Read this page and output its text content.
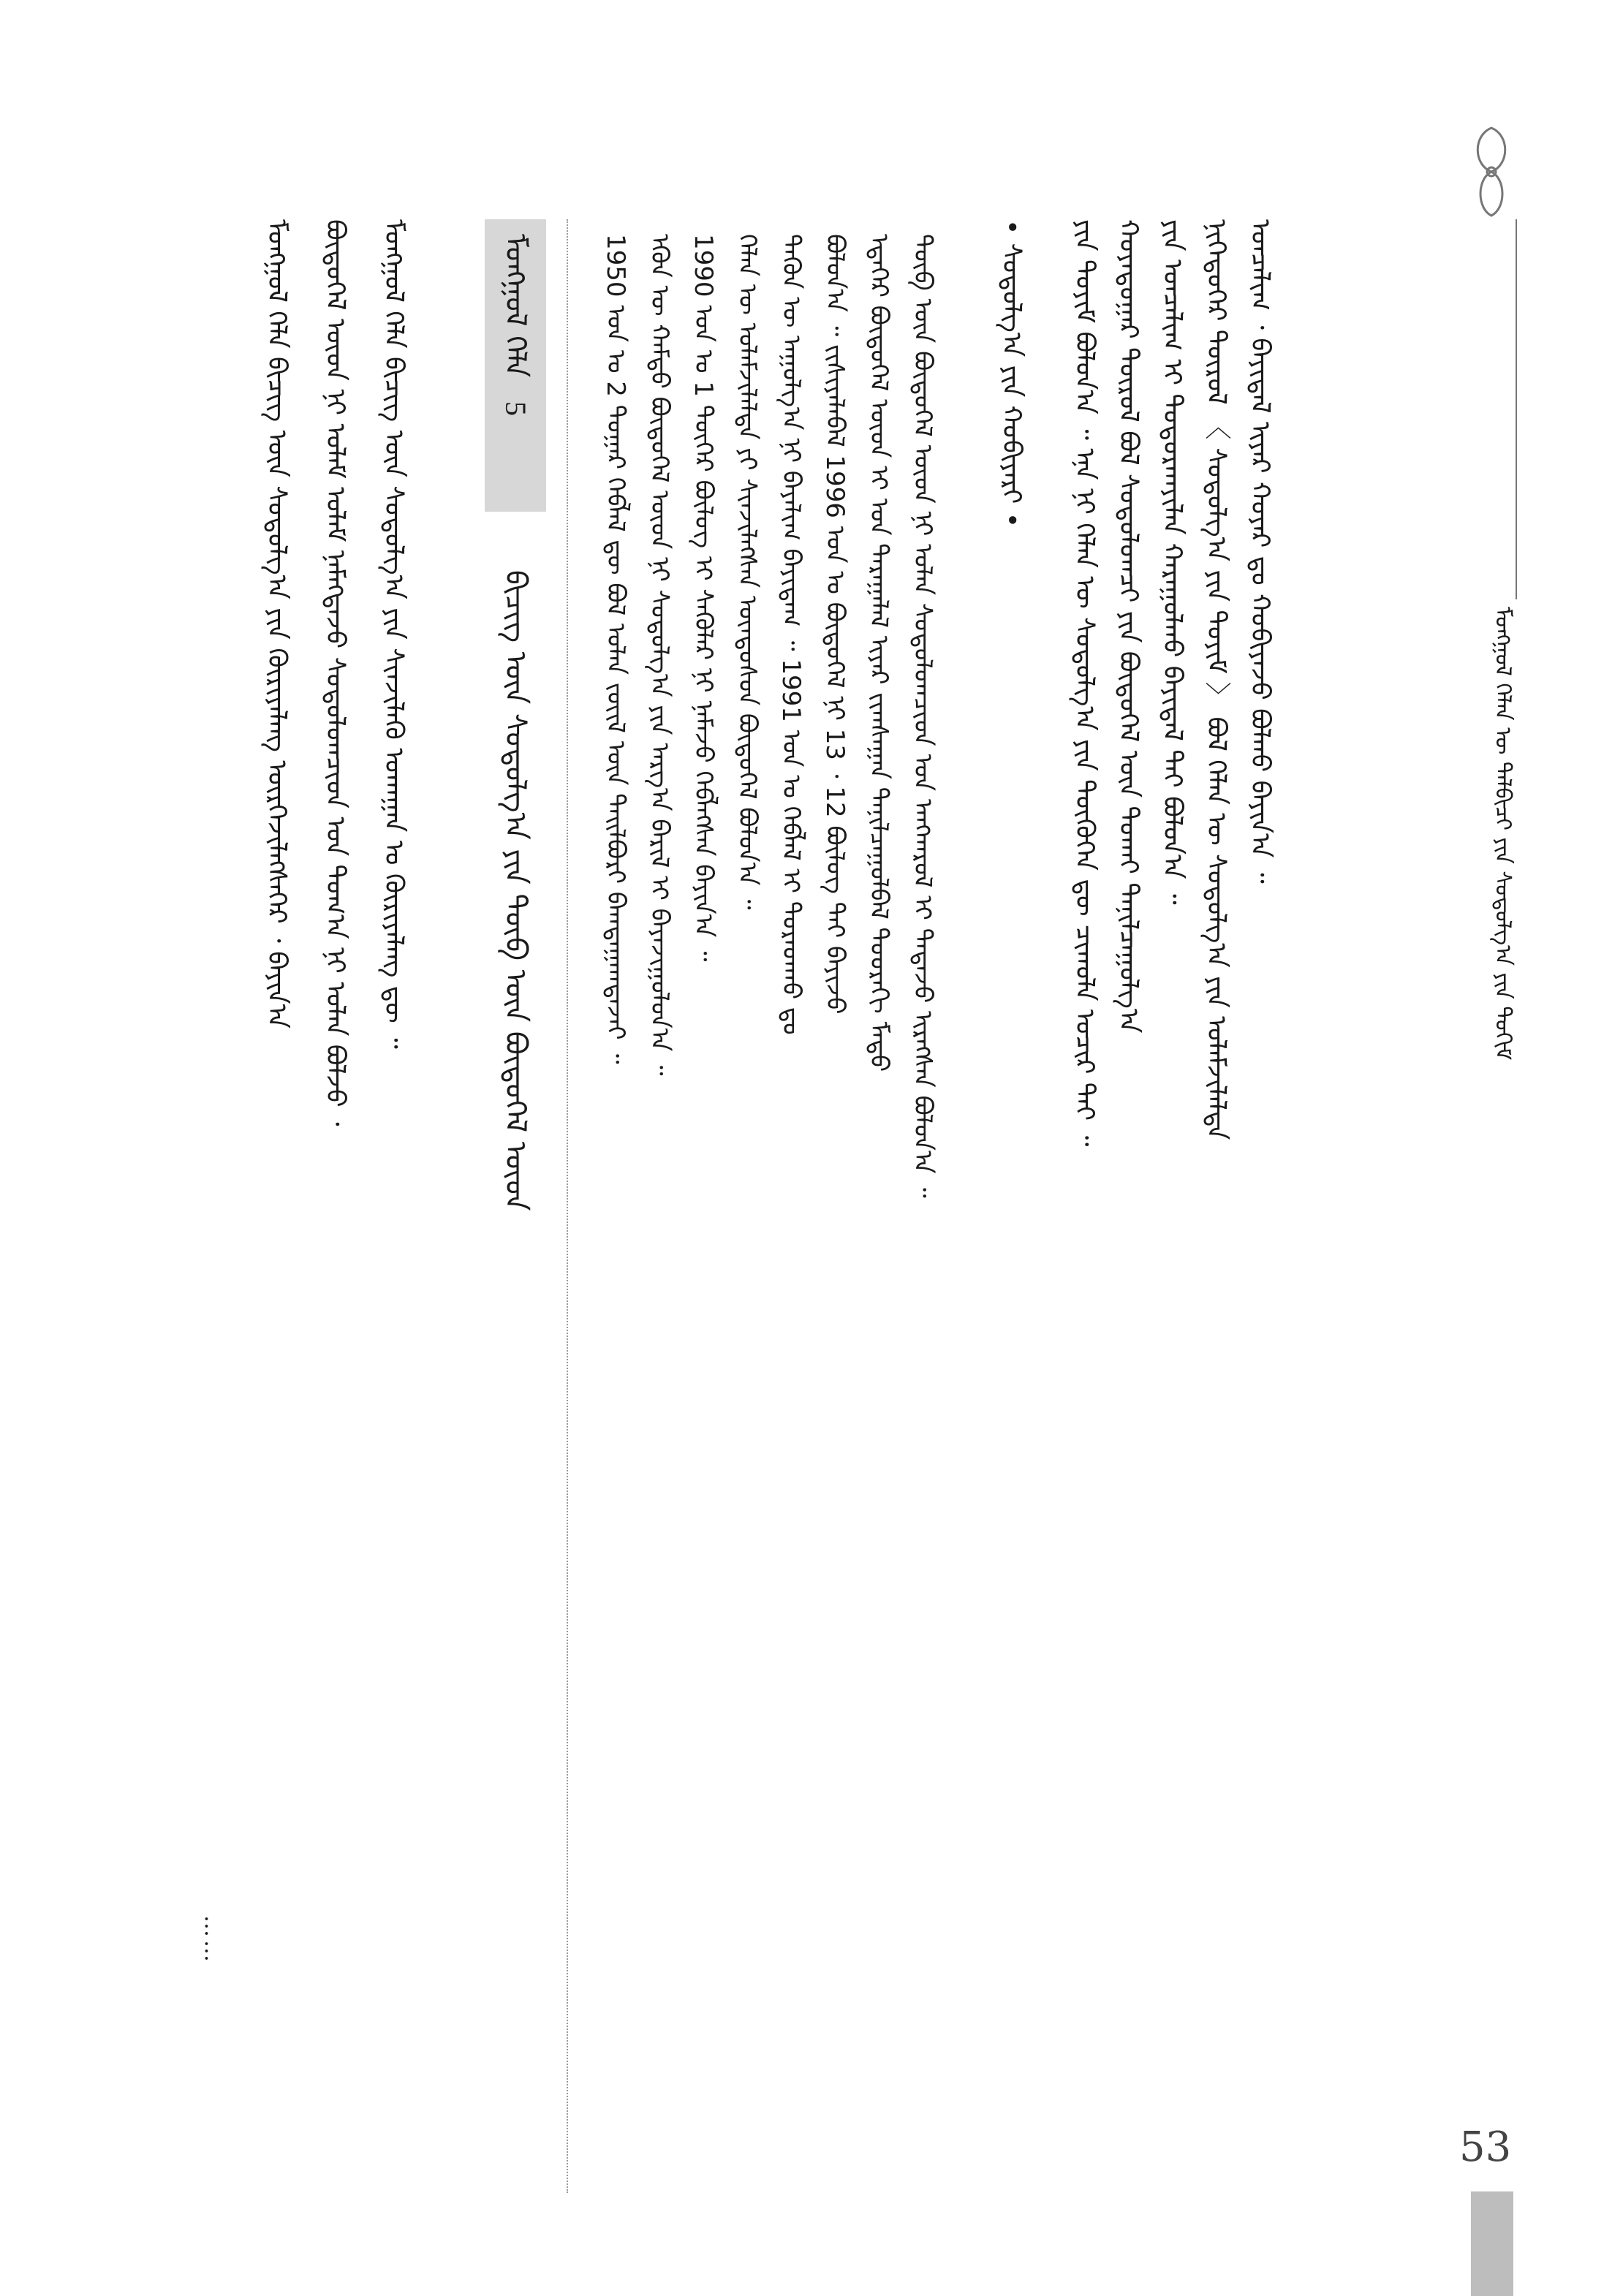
ᠮᠣᠩᠭᠣᠯ ᠬᠡᠯᠡᠨ ᠦ ᠲᠡᠯᠪᠢᠴᠢ ᠶᠢᠨ ᠰᠤᠳᠤᠯᠭ᠎ᠠ ᠶᠢᠨ ᠲᠣᠭᠢᠮ
53
ᠣᠨᠴᠠᠯᠢᠭ ᠂ ᠪᠠᠶᠢᠳᠠᠯ ᠢᠶᠠᠷ ᠬᠣᠶᠠᠷ ᠳᠤ ᠬᠤᠪᠢᠶᠠᠵᠤ ᠪᠣᠯᠬᠤ ᠪᠠᠶᠢᠨ᠎ᠠ ᠃
ᠨᠢᠭᠡᠳᠦᠭᠡᠷ ᠲᠦᠷᠦᠯ 〈 ᠰᠤᠳᠤᠯᠭ᠎ᠠ ᠶᠢᠨ ᠲᠣᠶᠢᠮ 〉 ᠪᠣᠯ ᠬᠡᠯᠡᠨ ᠦ ᠰᠤᠳᠤᠯᠭ᠎ᠠ ᠶᠢᠨ ᠤᠯᠠᠮᠵᠢᠯᠠᠯᠲᠠ
ᠶᠢᠨ ᠣᠨᠴᠠᠯᠢᠭ ᠢ ᠲᠣᠳᠣᠷᠬᠠᠶᠢᠯᠠᠨ ᠬᠠᠷᠠᠭᠤᠯᠬᠤ ᠪᠠᠶᠢᠳᠠᠯ ᠲᠠᠢ ᠪᠣᠯᠤᠨ᠎ᠠ ᠃
ᠬᠣᠶᠠᠳᠤᠭᠠᠷ ᠲᠦᠷᠦᠯ ᠪᠣᠯ ᠰᠤᠳᠤᠯᠤᠭᠴᠢ ᠶᠢᠨ ᠪᠦᠲᠦᠭᠡᠯ ᠦᠨ ᠲᠤᠬᠠᠢ ᠲᠠᠨᠢᠯᠴᠠᠭᠤᠯᠭ᠎ᠠ
ᠶᠢᠨ ᠲᠣᠶᠢᠮ ᠪᠣᠯᠤᠨ᠎ᠠ ᠃ ᠡᠨᠡ ᠨᠢ ᠬᠡᠯᠡᠨ ᠦ ᠰᠤᠳᠤᠯᠭ᠎ᠠ ᠶᠢᠨ ᠲᠦᠭᠦᠬᠡᠨ ᠳᠦ ᠴᠢᠬᠤᠯᠠ ᠤᠴᠢᠷ ᠲᠠᠢ ᠃
• ᠰᠤᠳᠤᠯᠭ᠎ᠠ ᠶᠢᠨ ᠬᠤᠪᠢᠶᠠᠷᠢ •
ᠲᠦᠪ ᠦᠨ ᠪᠦᠲᠦᠭᠡᠯ ᠦᠳ ᠨᠢ ᠣᠯᠠᠨ ᠰᠤᠳᠤᠯᠤᠭᠴᠢᠳ ᠤᠨ ᠠᠨᠭᠬᠠᠷᠤᠯ ᠢ ᠲᠠᠲᠠᠵᠤ ᠢᠷᠡᠭᠰᠡᠨ ᠪᠣᠯᠤᠨ᠎ᠠ ᠃
ᠡᠳᠡᠭᠡᠷ ᠪᠦᠲᠦᠭᠡᠯ ᠦᠳ ᠢ ᠣᠨ ᠳᠠᠷᠠᠭᠠᠯᠠᠯ ᠢᠶᠠᠷ ᠵᠢᠭᠰᠠᠭᠠᠨ ᠲᠠᠨᠢᠯᠴᠠᠭᠤᠯᠪᠠᠯ ᠳᠣᠣᠷᠠᠬᠢ ᠮᠡᠲᠦ
ᠪᠣᠯᠤᠨ᠎ᠠ ᠃ ᠵᠢᠱᠢᠶᠡᠯᠡᠪᠡᠯ 1996 ᠣᠨ ᠤ ᠪᠦᠲᠦᠭᠡᠯ ᠨᠢ 13 ᠂ 12 ᠪᠦᠯᠦᠭ ᠲᠠᠢ ᠪᠠᠶᠢᠵᠤ
ᠲᠡᠭᠦᠨ ᠦ ᠠᠭᠤᠯᠭ᠎ᠠ ᠨᠢ ᠪᠠᠶᠠᠯᠢᠭ ᠪᠠᠶᠢᠳᠠᠭ ᠃ 1991 ᠣᠨ ᠤ ᠬᠡᠪᠯᠡᠯ ᠢ ᠳᠤᠷᠠᠳᠬᠤ ᠳᠤ
ᠬᠡᠯᠡᠨ ᠦ ᠤᠯᠠᠮᠵᠢᠯᠠᠯᠲᠠ ᠶᠢ ᠰᠢᠨᠵᠢᠯᠡᠭᠰᠡᠨ ᠦᠨᠳᠦᠰᠦᠨ ᠪᠦᠲᠦᠭᠡᠯ ᠪᠣᠯᠤᠨ᠎ᠠ ᠃
1990 ᠣᠨ ᠤ 1 ᠳᠦᠭᠡᠷ ᠪᠦᠯᠦᠭ ᠢ ᠰᠡᠭᠦᠯᠡᠷ ᠨᠢ ᠨᠡᠮᠡᠵᠦ ᠬᠡᠪᠯᠡᠭᠰᠡᠨ ᠪᠠᠶᠢᠨ᠎ᠠ ᠃
ᠡᠭᠦᠨ ᠦ ᠬᠠᠮᠲᠤ ᠪᠦᠲᠦᠭᠡᠯ ᠦᠳ ᠨᠢ ᠰᠤᠳᠤᠯᠭ᠎ᠠ ᠶᠢᠨ ᠠᠷᠭ᠎ᠠ ᠪᠠᠷᠢᠯ ᠢ ᠪᠠᠶᠠᠵᠢᠭᠤᠯᠤᠨ᠎ᠠ ᠃
1950 ᠣᠨ ᠤ 2 ᠳᠤᠭᠠᠷ ᠬᠡᠪᠯᠡᠯ ᠳᠦ ᠪᠣᠯ ᠣᠯᠠᠨ ᠵᠦᠢᠯ ᠦᠨ ᠲᠠᠢᠯᠪᠤᠷᠢ ᠪᠠᠭᠲᠠᠭᠠᠭᠳᠠᠵᠠᠢ ᠃
ᠮᠣᠩᠭᠣᠯ ᠬᠡᠯᠡ 5
ᠪᠢᠴᠢᠭ ᠦᠨ ᠰᠤᠳᠤᠯᠭ᠎ᠠ ᠶᠢᠨ ᠲᠦᠪ ᠦᠨ ᠪᠦᠲᠦᠭᠡᠯ ᠦᠳ
ᠮᠣᠩᠭᠣᠯ ᠬᠡᠯᠡ ᠪᠢᠴᠢᠭ ᠦᠨ ᠰᠤᠳᠤᠯᠭ᠎ᠠ ᠶᠢᠨ ᠰᠢᠨᠵᠢᠯᠡᠬᠦ ᠤᠬᠠᠭᠠᠨ ᠤ ᠬᠦᠷᠢᠶᠡᠯᠡᠩ ᠳᠦ ᠃
ᠪᠦᠲᠦᠭᠡᠯ ᠦᠳ ᠨᠢ ᠤᠯᠠᠮ ᠤᠯᠠᠮ ᠨᠡᠮᠡᠭᠳᠡᠵᠦ ᠰᠤᠳᠤᠯᠤᠭᠴᠢᠳ ᠤᠨ ᠲᠣᠭ᠎ᠠ ᠨᠢ ᠣᠯᠠᠨ ᠪᠣᠯᠵᠤ ᠂
ᠮᠣᠩᠭᠣᠯ ᠬᠡᠯᠡ ᠪᠢᠴᠢᠭ ᠦᠨ ᠰᠤᠳᠤᠯᠭ᠎ᠠ ᠶᠢᠨ ᠬᠦᠷᠢᠶᠡᠯᠡᠩ ᠦᠷᠭᠡᠵᠢᠯᠡᠭᠰᠡᠭᠡᠷ ᠂ ᠪᠠᠶᠢᠨ᠎ᠠ
……
